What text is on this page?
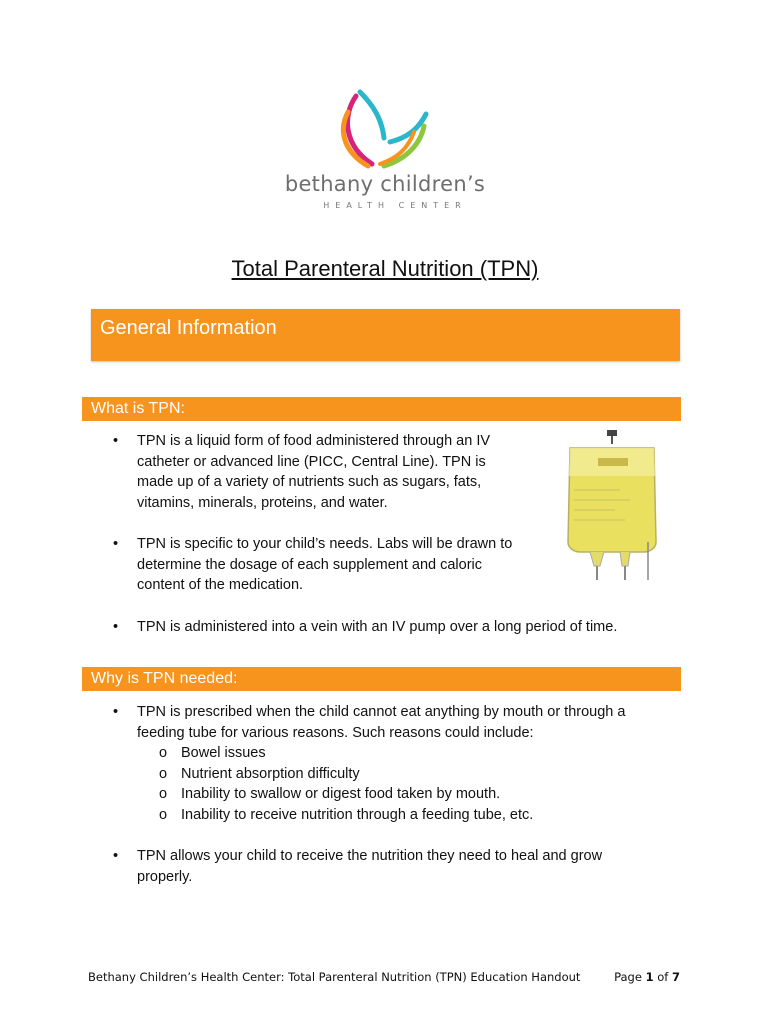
bethany children’s
HEALTH CENTER
Total Parenteral Nutrition (TPN)
General Information
What is TPN:
• TPN is a liquid form of food administered through an IV catheter or advanced line (PICC, Central Line). TPN is made up of a variety of nutrients such as sugars, fats, vitamins, minerals, proteins, and water.
• TPN is specific to your child’s needs. Labs will be drawn to determine the dosage of each supplement and caloric content of the medication.
• TPN is administered into a vein with an IV pump over a long period of time.
Why is TPN needed:
• TPN is prescribed when the child cannot eat anything by mouth or through a feeding tube for various reasons. Such reasons could include:
o Bowel issues
o Nutrient absorption difficulty
o Inability to swallow or digest food taken by mouth.
o Inability to receive nutrition through a feeding tube, etc.
• TPN allows your child to receive the nutrition they need to heal and grow properly.
Bethany Children’s Health Center: Total Parenteral Nutrition (TPN) Education Handout	Page 1 of 7
